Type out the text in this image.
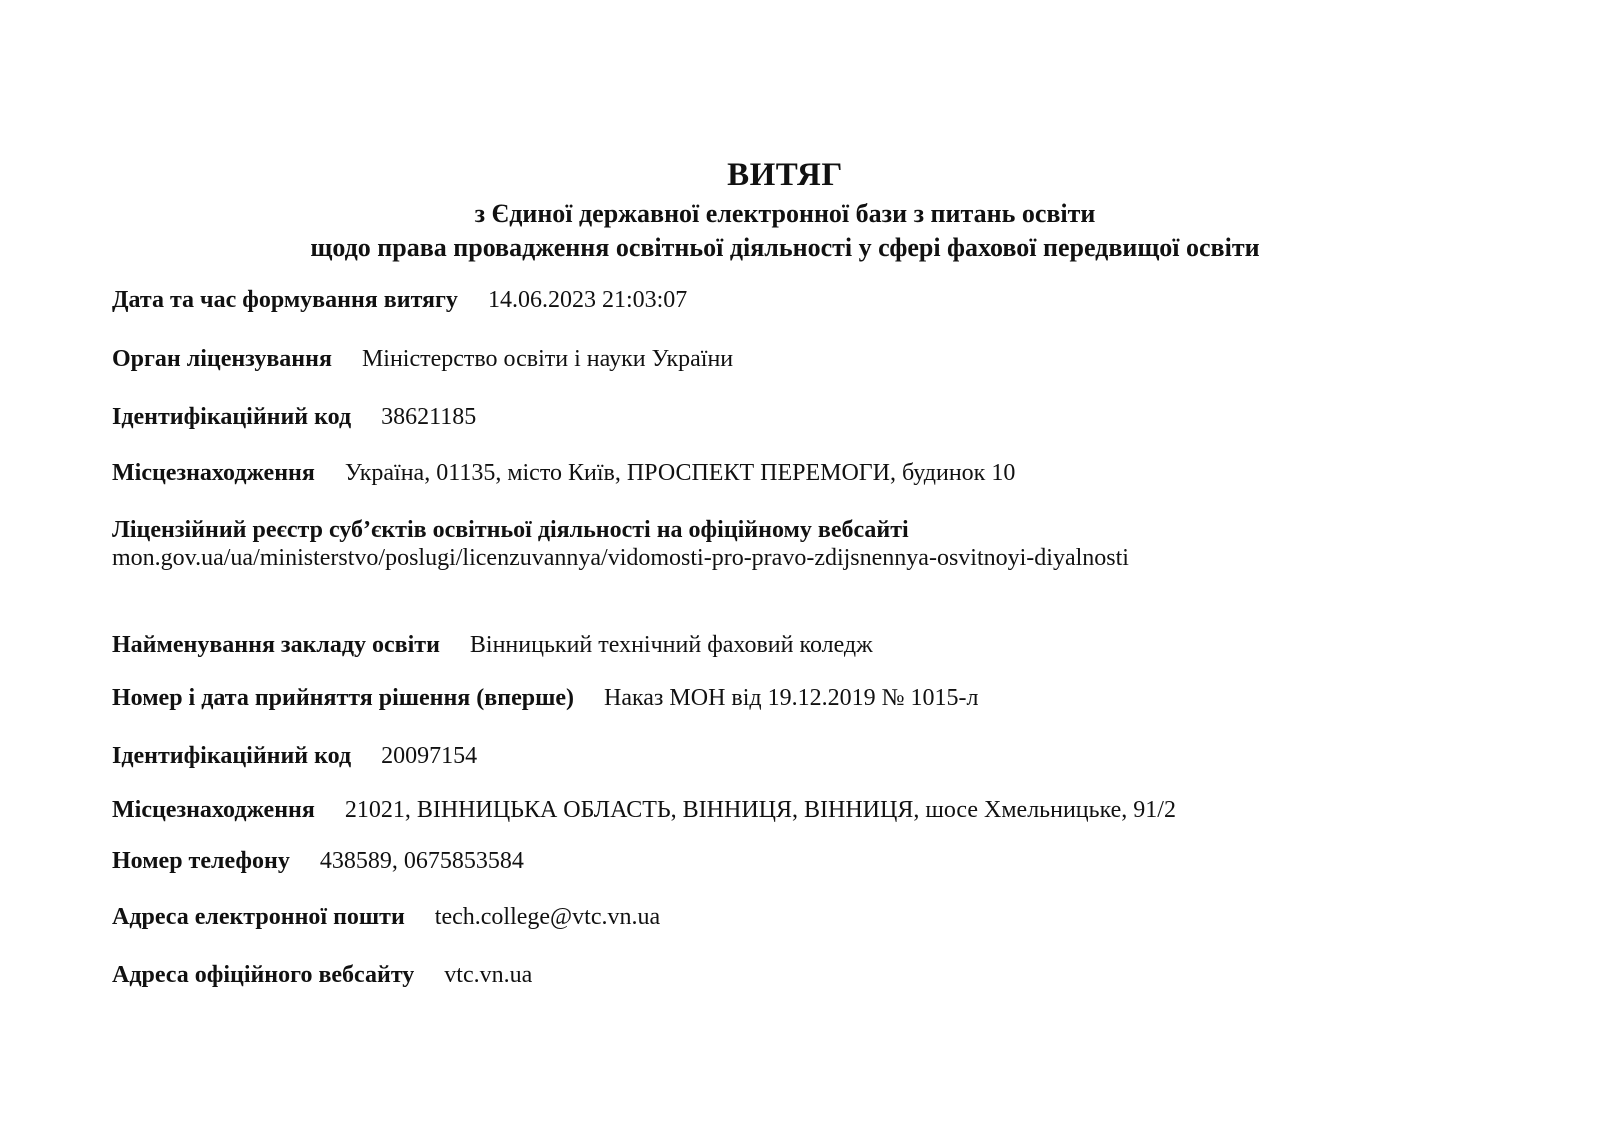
ВИТЯГ
з Єдиної державної електронної бази з питань освіти
щодо права провадження освітньої діяльності у сфері фахової передвищої освіти
Дата та час формування витягу 14.06.2023 21:03:07
Орган ліцензування Міністерство освіти і науки України
Ідентифікаційний код 38621185
Місцезнаходження Україна, 01135, місто Київ, ПРОСПЕКТ ПЕРЕМОГИ, будинок 10
Ліцензійний реєстр суб’єктів освітньої діяльності на офіційному вебсайті
mon.gov.ua/ua/ministerstvo/poslugi/licenzuvannya/vidomosti-pro-pravo-zdijsnennya-osvitnoyi-diyalnosti
Найменування закладу освіти Вінницький технічний фаховий коледж
Номер і дата прийняття рішення (вперше) Наказ МОН від 19.12.2019 № 1015-л
Ідентифікаційний код 20097154
Місцезнаходження 21021, ВІННИЦЬКА ОБЛАСТЬ, ВІННИЦЯ, ВІННИЦЯ, шосе Хмельницьке, 91/2
Номер телефону 438589, 0675853584
Адреса електронної пошти tech.college@vtc.vn.ua
Адреса офіційного вебсайту vtc.vn.ua
